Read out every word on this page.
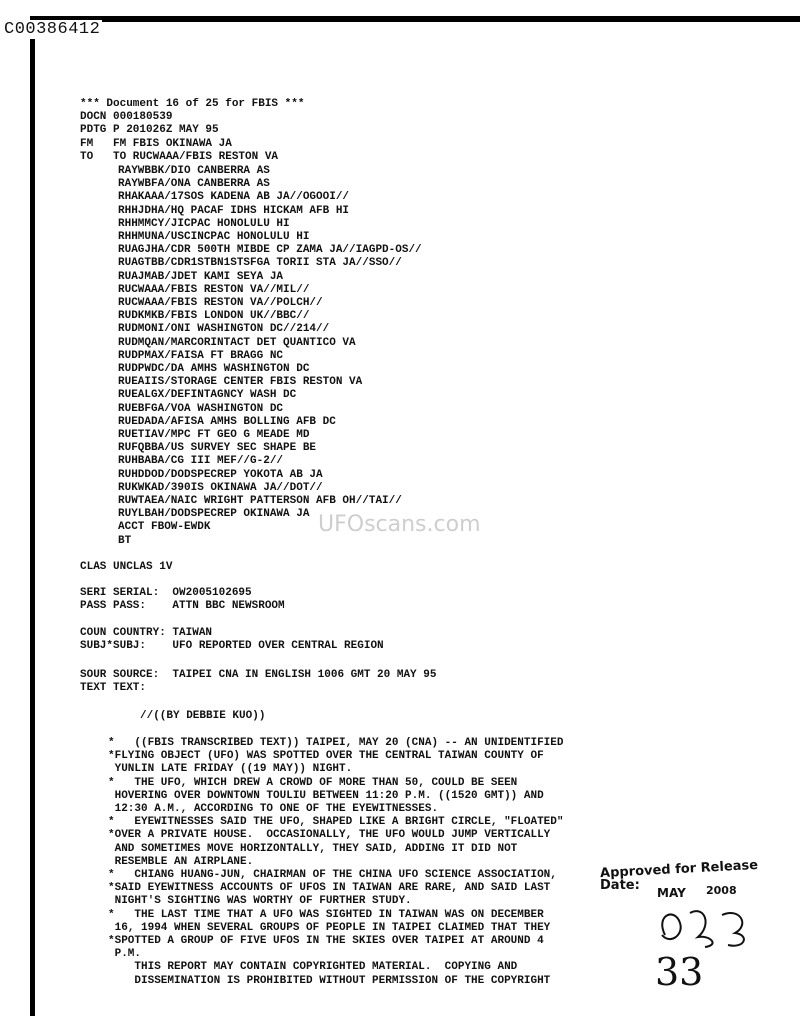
C00386412
*** Document 16 of 25 for FBIS ***
DOCN 000180539
PDTG P 201026Z MAY 95
FM   FM FBIS OKINAWA JA
TO   TO RUCWAAA/FBIS RESTON VA
RAYWBBK/DIO CANBERRA AS
RAYWBFA/ONA CANBERRA AS
RHAKAAA/17SOS KADENA AB JA//OGOOI//
RHHJDHA/HQ PACAF IDHS HICKAM AFB HI
RHHMMCY/JICPAC HONOLULU HI
RHHMUNA/USCINCPAC HONOLULU HI
RUAGJHA/CDR 500TH MIBDE CP ZAMA JA//IAGPD-OS//
RUAGTBB/CDR1STBN1STSFGA TORII STA JA//SSO//
RUAJMAB/JDET KAMI SEYA JA
RUCWAAA/FBIS RESTON VA//MIL//
RUCWAAA/FBIS RESTON VA//POLCH//
RUDKMKB/FBIS LONDON UK//BBC//
RUDMONI/ONI WASHINGTON DC//214//
RUDMQAN/MARCORINTACT DET QUANTICO VA
RUDPMAX/FAISA FT BRAGG NC
RUDPWDC/DA AMHS WASHINGTON DC
RUEAIIS/STORAGE CENTER FBIS RESTON VA
RUEALGX/DEFINTAGNCY WASH DC
RUEBFGA/VOA WASHINGTON DC
RUEDADA/AFISA AMHS BOLLING AFB DC
RUETIAV/MPC FT GEO G MEADE MD
RUFQBBA/US SURVEY SEC SHAPE BE
RUHBABA/CG III MEF//G-2//
RUHDDOD/DODSPECREP YOKOTA AB JA
RUKWKAD/390IS OKINAWA JA//DOT//
RUWTAEA/NAIC WRIGHT PATTERSON AFB OH//TAI//
RUYLBAH/DODSPECREP OKINAWA JA
ACCT FBOW-EWDK
BT
CLAS UNCLAS 1V
SERI SERIAL:  OW2005102695
PASS PASS:    ATTN BBC NEWSROOM
COUN COUNTRY: TAIWAN
SUBJ*SUBJ:    UFO REPORTED OVER CENTRAL REGION
SOUR SOURCE:  TAIPEI CNA IN ENGLISH 1006 GMT 20 MAY 95
TEXT TEXT:
//((BY DEBBIE KUO))
*   ((FBIS TRANSCRIBED TEXT)) TAIPEI, MAY 20 (CNA) -- AN UNIDENTIFIED
*FLYING OBJECT (UFO) WAS SPOTTED OVER THE CENTRAL TAIWAN COUNTY OF
YUNLIN LATE FRIDAY ((19 MAY)) NIGHT.
*   THE UFO, WHICH DREW A CROWD OF MORE THAN 50, COULD BE SEEN
HOVERING OVER DOWNTOWN TOULIU BETWEEN 11:20 P.M. ((1520 GMT)) AND
12:30 A.M., ACCORDING TO ONE OF THE EYEWITNESSES.
*   EYEWITNESSES SAID THE UFO, SHAPED LIKE A BRIGHT CIRCLE, "FLOATED"
*OVER A PRIVATE HOUSE.  OCCASIONALLY, THE UFO WOULD JUMP VERTICALLY
AND SOMETIMES MOVE HORIZONTALLY, THEY SAID, ADDING IT DID NOT
RESEMBLE AN AIRPLANE.
*   CHIANG HUANG-JUN, CHAIRMAN OF THE CHINA UFO SCIENCE ASSOCIATION,
*SAID EYEWITNESS ACCOUNTS OF UFOS IN TAIWAN ARE RARE, AND SAID LAST
NIGHT'S SIGHTING WAS WORTHY OF FURTHER STUDY.
*   THE LAST TIME THAT A UFO WAS SIGHTED IN TAIWAN WAS ON DECEMBER
16, 1994 WHEN SEVERAL GROUPS OF PEOPLE IN TAIPEI CLAIMED THAT THEY
*SPOTTED A GROUP OF FIVE UFOS IN THE SKIES OVER TAIPEI AT AROUND 4
P.M.
THIS REPORT MAY CONTAIN COPYRIGHTED MATERIAL.  COPYING AND
DISSEMINATION IS PROHIBITED WITHOUT PERMISSION OF THE COPYRIGHT
UFOscans.com
Approved for Release
Date: MAY 2008
33
